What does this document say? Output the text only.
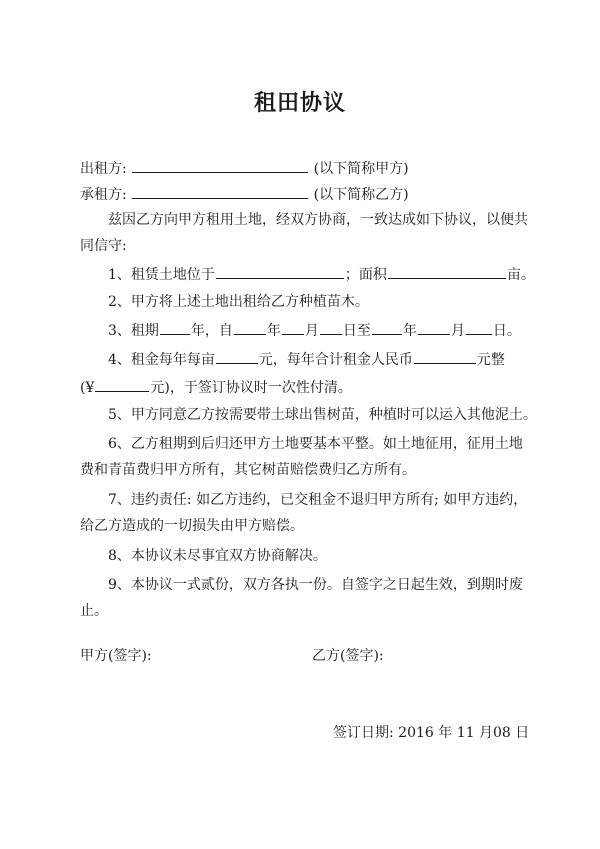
租田协议
出租方:	(以下简称甲方)
承租方:	(以下简称乙方)
兹因乙方向甲方租用土地，经双方协商，一致达成如下协议，以便共
同信守:
1、租赁土地位于	；面积	亩。
2、甲方将上述土地出租给乙方种植苗木。
3、租期 年，自 年 月 日至 年 月 日。
4、租金每年每亩	元，每年合计租金人民币	元整
(¥	元)，于签订协议时一次性付清。
5、甲方同意乙方按需要带土球出售树苗，种植时可以运入其他泥土。
6、乙方租期到后归还甲方土地要基本平整。如土地征用，征用土地
费和青苗费归甲方所有，其它树苗赔偿费归乙方所有。
7、违约责任: 如乙方违约，已交租金不退归甲方所有; 如甲方违约，
给乙方造成的一切损失由甲方赔偿。
8、本协议未尽事宜双方协商解决。
9、本协议一式贰份，双方各执一份。自签字之日起生效，到期时废
止。
甲方(签字):	乙方(签字):
签订日期: 2016 年 11 月08 日
